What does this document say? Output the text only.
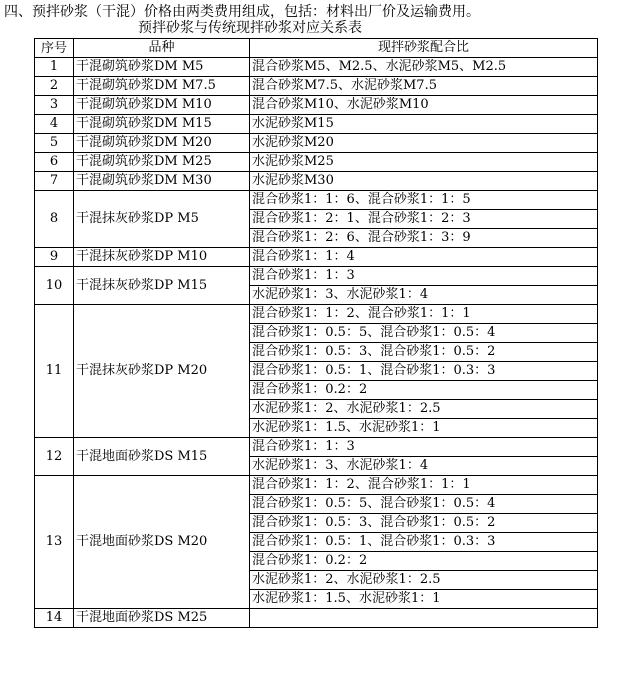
四、预拌砂浆（干混）价格由两类费用组成，包括：材料出厂价及运输费用。
预拌砂浆与传统现拌砂浆对应关系表
序号	品种	现拌砂浆配合比
1	干混砌筑砂浆DM M5	混合砂浆M5、M2.5、水泥砂浆M5、M2.5
2	干混砌筑砂浆DM M7.5	混合砂浆M7.5、水泥砂浆M7.5
3	干混砌筑砂浆DM M10	混合砂浆M10、水泥砂浆M10
4	干混砌筑砂浆DM M15	水泥砂浆M15
5	干混砌筑砂浆DM M20	水泥砂浆M20
6	干混砌筑砂浆DM M25	水泥砂浆M25
7	干混砌筑砂浆DM M30	水泥砂浆M30
8	干混抹灰砂浆DP M5	混合砂浆1：1：6、混合砂浆1：1：5
		混合砂浆1：2：1、混合砂浆1：2：3
		混合砂浆1：2：6、混合砂浆1：3：9
9	干混抹灰砂浆DP M10	混合砂浆1：1：4
10	干混抹灰砂浆DP M15	混合砂浆1：1：3
		水泥砂浆1：3、水泥砂浆1：4
11	干混抹灰砂浆DP M20	混合砂浆1：1：2、混合砂浆1：1：1
		混合砂浆1：0.5：5、混合砂浆1：0.5：4
		混合砂浆1：0.5：3、混合砂浆1：0.5：2
		混合砂浆1：0.5：1、混合砂浆1：0.3：3
		混合砂浆1：0.2：2
		水泥砂浆1：2、水泥砂浆1：2.5
		水泥砂浆1：1.5、水泥砂浆1：1
12	干混地面砂浆DS M15	混合砂浆1：1：3
		水泥砂浆1：3、水泥砂浆1：4
13	干混地面砂浆DS M20	混合砂浆1：1：2、混合砂浆1：1：1
		混合砂浆1：0.5：5、混合砂浆1：0.5：4
		混合砂浆1：0.5：3、混合砂浆1：0.5：2
		混合砂浆1：0.5：1、混合砂浆1：0.3：3
		混合砂浆1：0.2：2
		水泥砂浆1：2、水泥砂浆1：2.5
		水泥砂浆1：1.5、水泥砂浆1：1
14	干混地面砂浆DS M25	
